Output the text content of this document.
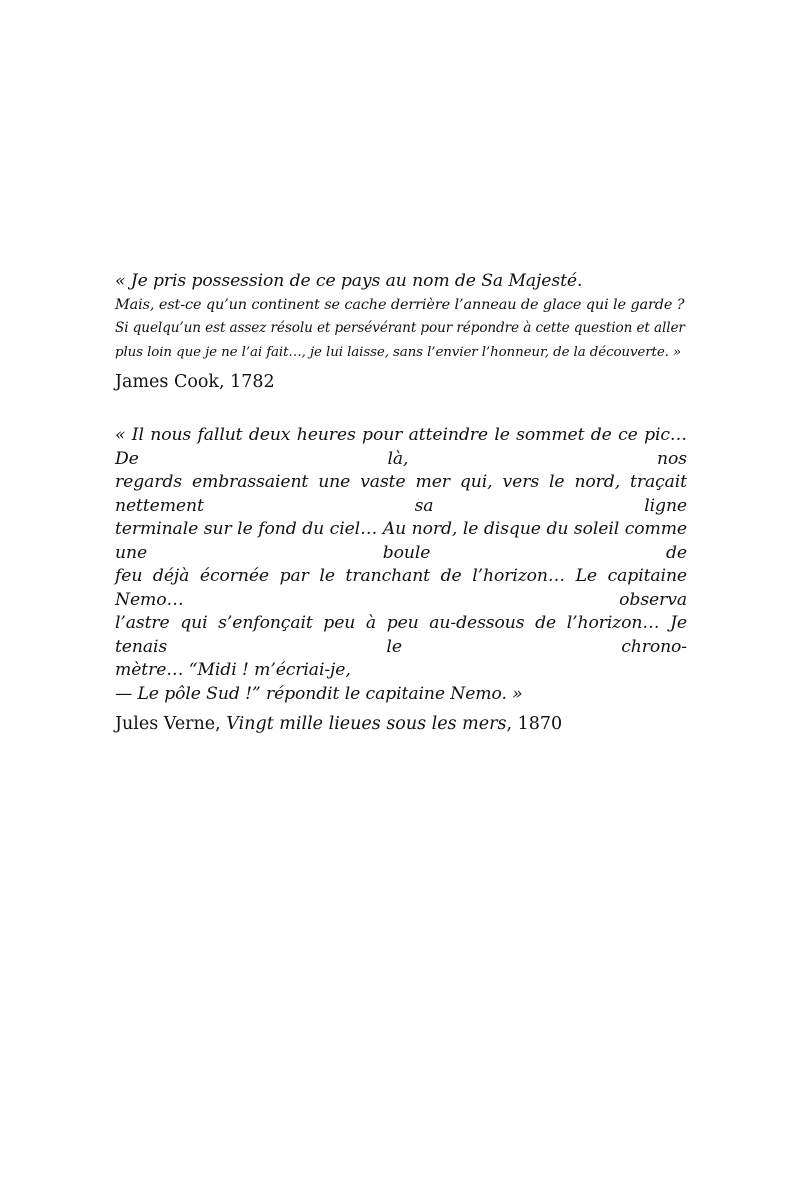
« Je pris possession de ce pays au nom de Sa Majesté.
Mais, est-ce qu’un continent se cache derrière l’anneau de glace qui le garde ?
Si quelqu’un est assez résolu et persévérant pour répondre à cette question et aller
plus loin que je ne l’ai fait…, je lui laisse, sans l’envier l’honneur, de la découverte. »

James Cook, 1782

« Il nous fallut deux heures pour atteindre le sommet de ce pic… De là, nos
regards embrassaient une vaste mer qui, vers le nord, traçait nettement sa ligne
terminale sur le fond du ciel… Au nord, le disque du soleil comme une boule de
feu déjà écornée par le tranchant de l’horizon… Le capitaine Nemo… observa
l’astre qui s’enfonçait peu à peu au-dessous de l’horizon… Je tenais le chrono-
mètre… “Midi ! m’écriai-je,
— Le pôle Sud !” répondit le capitaine Nemo. »

Jules Verne, Vingt mille lieues sous les mers, 1870
